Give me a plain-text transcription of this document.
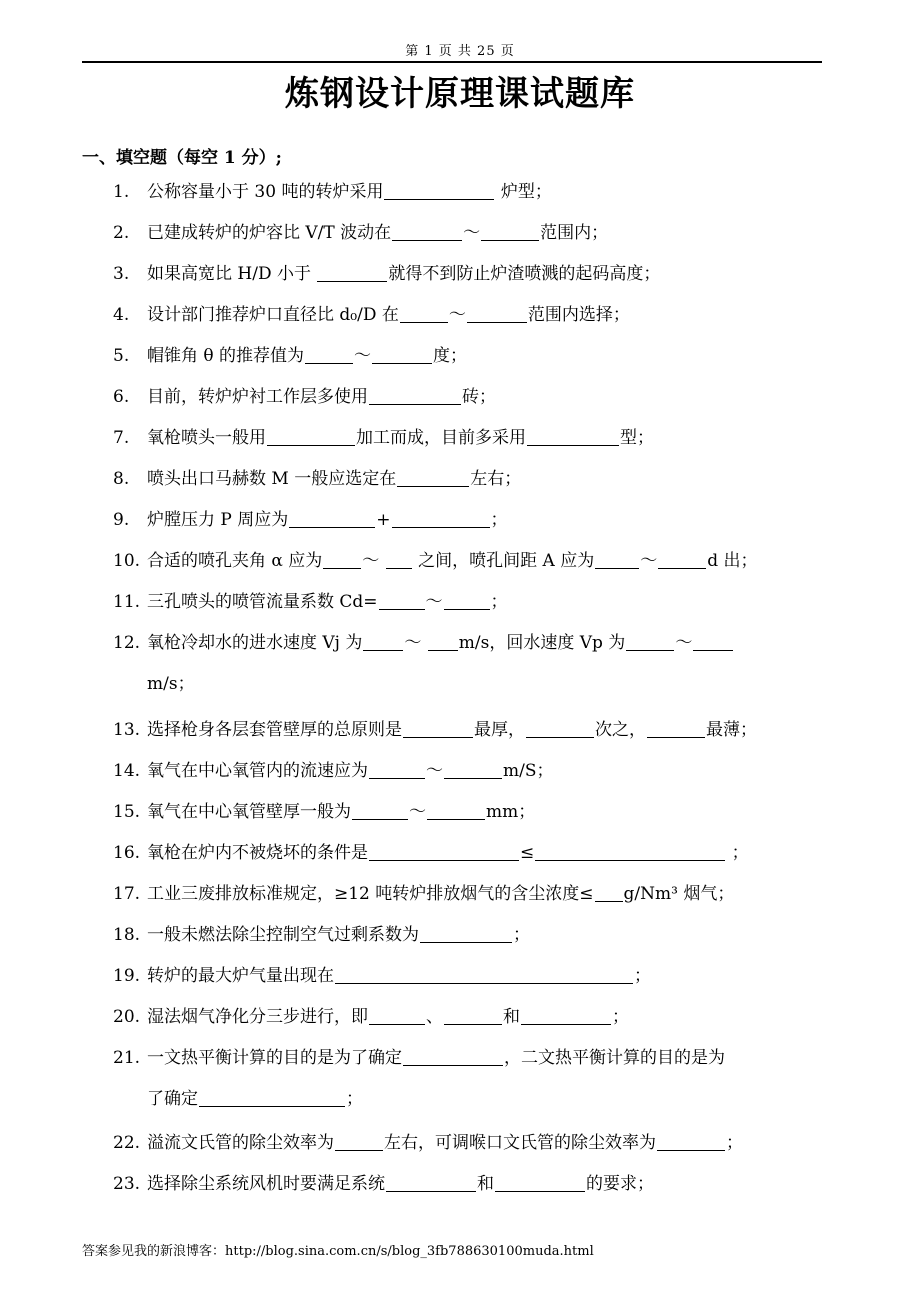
第 1 页 共 25 页
炼钢设计原理课试题库
一、填空题（每空 1 分）;
1. 公称容量小于 30 吨的转炉采用	炉型；
2. 已建成转炉的炉容比 V/T 波动在	～	范围内；
3. 如果高宽比 H/D 小于	就得不到防止炉渣喷溅的起码高度；
4. 设计部门推荐炉口直径比 d₀/D 在	～	范围内选择；
5. 帽锥角 θ 的推荐值为	～	度；
6. 目前，转炉炉衬工作层多使用	砖；
7. 氧枪喷头一般用	加工而成，目前多采用	型；
8. 喷头出口马赫数 M 一般应选定在	左右；
9. 炉膛压力 P 周应为	+	；
10. 合适的喷孔夹角 α 应为 ～  之间，喷孔间距 A 应为	～	d 出；
11. 三孔喷头的喷管流量系数 Cd=	～	；
12. 氧枪冷却水的进水速度 Vj 为 ～ m/s，回水速度 Vp 为	～
m/s；
13. 选择枪身各层套管壁厚的总原则是	最厚，	次之，	最薄；
14. 氧气在中心氧管内的流速应为	～	m/S；
15. 氧气在中心氧管壁厚一般为	～	mm；
16. 氧枪在炉内不被烧坏的条件是	≤	；
17. 工业三废排放标准规定，≥12 吨转炉排放烟气的含尘浓度≤ g/Nm³ 烟气；
18. 一般未燃法除尘控制空气过剩系数为	；
19. 转炉的最大炉气量出现在	；
20. 湿法烟气净化分三步进行，即	、	和	；
21. 一文热平衡计算的目的是为了确定	，二文热平衡计算的目的是为
了确定	；
22. 溢流文氏管的除尘效率为	左右，可调喉口文氏管的除尘效率为	；
23. 选择除尘系统风机时要满足系统	和	的要求；
答案参见我的新浪博客：http://blog.sina.com.cn/s/blog_3fb788630100muda.html
